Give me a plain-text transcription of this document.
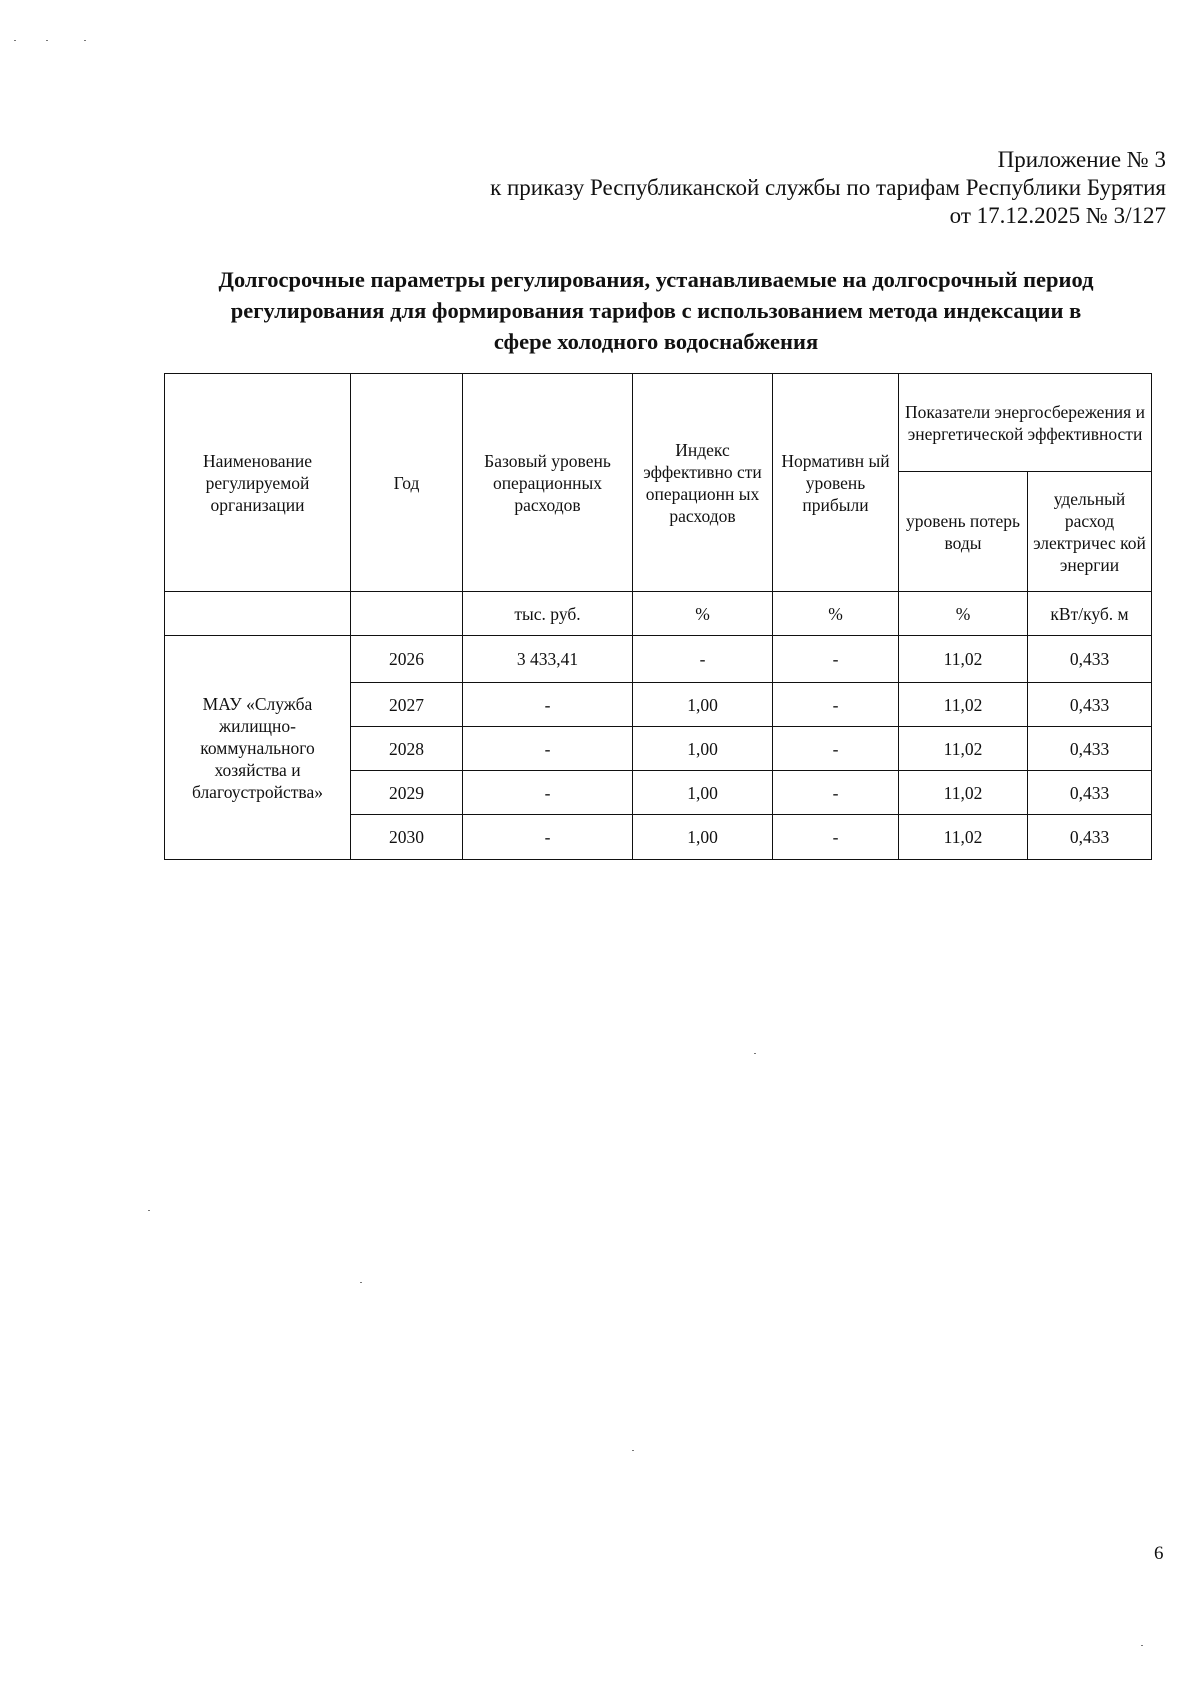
Приложение № 3
к приказу Республиканской службы по тарифам Республики Бурятия
от 17.12.2025 № 3/127
Долгосрочные параметры регулирования, устанавливаемые на долгосрочный период
регулирования для формирования тарифов с использованием метода индексации в
сфере холодного водоснабжения
Наименование регулируемой организации	Год	Базовый уровень операционных расходов	Индекс эффективно сти операционн ых расходов	Нормативн ый уровень прибыли	Показатели энергосбережения и энергетической эффективности	
					уровень потерь воды	удельный расход электричес кой энергии
		тыс. руб.	%	%	%	кВт/куб. м
МАУ «Служба жилищно-коммунального хозяйства и благоустройства»	2026	3 433,41	-	-	11,02	0,433
	2027	-	1,00	-	11,02	0,433
	2028	-	1,00	-	11,02	0,433
	2029	-	1,00	-	11,02	0,433
	2030	-	1,00	-	11,02	0,433
6
